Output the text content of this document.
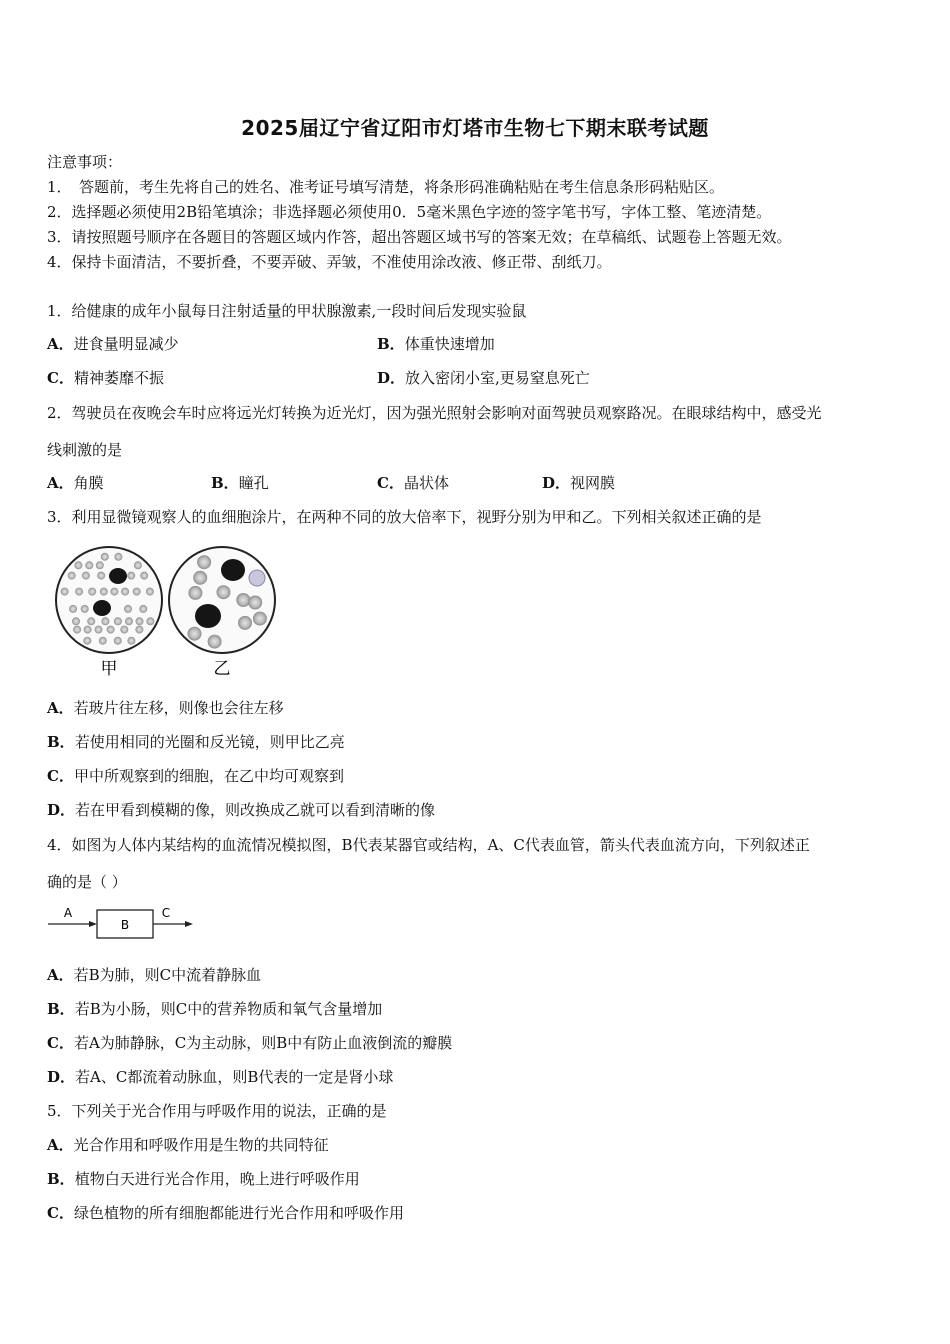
2025届辽宁省辽阳市灯塔市生物七下期末联考试题
注意事项：
1．　答题前，考生先将自己的姓名、准考证号填写清楚，将条形码准确粘贴在考生信息条形码粘贴区。
2．选择题必须使用2B铅笔填涂；非选择题必须使用0．5毫米黑色字迹的签字笔书写，字体工整、笔迹清楚。
3．请按照题号顺序在各题目的答题区域内作答，超出答题区域书写的答案无效；在草稿纸、试题卷上答题无效。
4．保持卡面清洁，不要折叠，不要弄破、弄皱，不准使用涂改液、修正带、刮纸刀。
1．给健康的成年小鼠每日注射适量的甲状腺激素,一段时间后发现实验鼠
A．进食量明显减少	B．体重快速增加
C．精神萎靡不振	D．放入密闭小室,更易窒息死亡
2．驾驶员在夜晚会车时应将远光灯转换为近光灯，因为强光照射会影响对面驾驶员观察路况。在眼球结构中，感受光
线刺激的是
A．角膜	B．瞳孔	C．晶状体	D．视网膜
3．利用显微镜观察人的血细胞涂片，在两种不同的放大倍率下，视野分别为甲和乙。下列相关叙述正确的是
甲	乙
A．若玻片往左移，则像也会往左移
B．若使用相同的光圈和反光镜，则甲比乙亮
C．甲中所观察到的细胞，在乙中均可观察到
D．若在甲看到模糊的像，则改换成乙就可以看到清晰的像
4．如图为人体内某结构的血流情况模拟图，B代表某器官或结构，A、C代表血管，箭头代表血流方向，下列叙述正
确的是（ ）
A
B
C
A．若B为肺，则C中流着静脉血
B．若B为小肠，则C中的营养物质和氧气含量增加
C．若A为肺静脉，C为主动脉，则B中有防止血液倒流的瓣膜
D．若A、C都流着动脉血，则B代表的一定是肾小球
5．下列关于光合作用与呼吸作用的说法，正确的是
A．光合作用和呼吸作用是生物的共同特征
B．植物白天进行光合作用，晚上进行呼吸作用
C．绿色植物的所有细胞都能进行光合作用和呼吸作用
